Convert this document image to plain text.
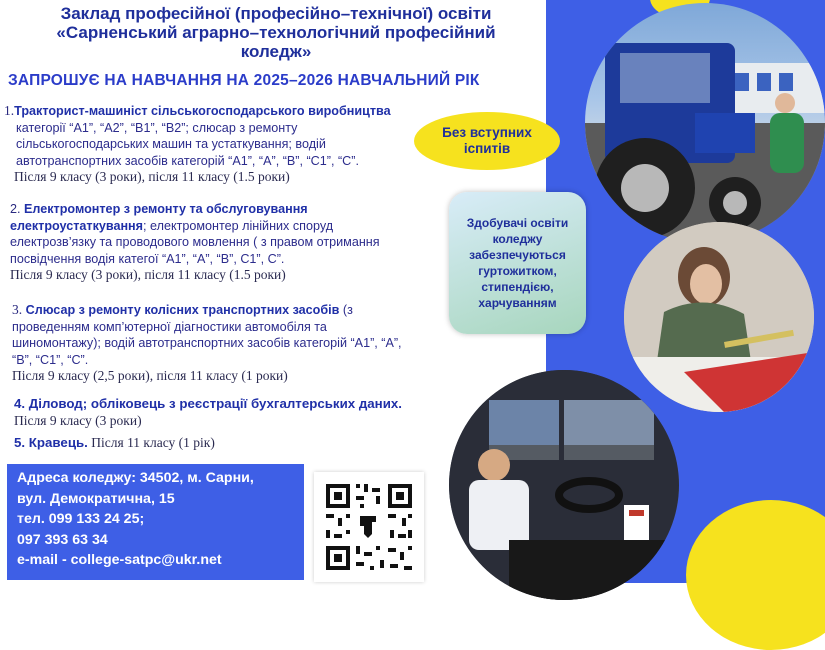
Заклад професійної (професійно–технічної) освіти
«Сарненський аграрно–технологічний професійний
коледж»
ЗАПРОШУЄ НА НАВЧАННЯ НА 2025–2026 НАВЧАЛЬНИЙ РІК
1.Тракторист-машиніст сільськогосподарського виробництва
категорії “А1”, “А2”, “В1”, “В2”; слюсар з ремонту
сільськогосподарських машин та устаткування; водій
автотранспортних засобів категорій “А1”, “А”, “В”, “С1”, “С”.
Після 9 класу (3 роки), після 11 класу (1.5 роки)
2. Електромонтер з ремонту та обслуговування
електроустаткування; електромонтер лінійних споруд
електрозв’язку та проводового мовлення ( з правом отримання
посвідчення водія категої “А1”, “А”, “В”, С1”, С”.
Після 9 класу (3 роки), після 11 класу (1.5 роки)
3. Слюсар з ремонту колісних транспортних засобів (з
проведенням комп’ютерної діагностики автомобіля та
шиномонтажу); водій автотранспортних засобів категорій “А1”, “А”,
“В”, “С1”, “С”.
Після 9 класу (2,5 роки), після 11 класу (1 роки)
4. Діловод; обліковець з реєстрації бухгалтерських даних.
Після 9 класу (3 роки)
5. Кравець. Після 11 класу (1 рік)
Без вступних
іспитів
Здобувачі освіти
коледжу
забезпечуються
гуртожитком,
стипендією,
харчуванням
Адреса коледжу: 34502, м. Сарни,
вул. Демократична, 15
тел. 099 133 24 25;
097 393 63 34
e-mail - college-satpc@ukr.net
